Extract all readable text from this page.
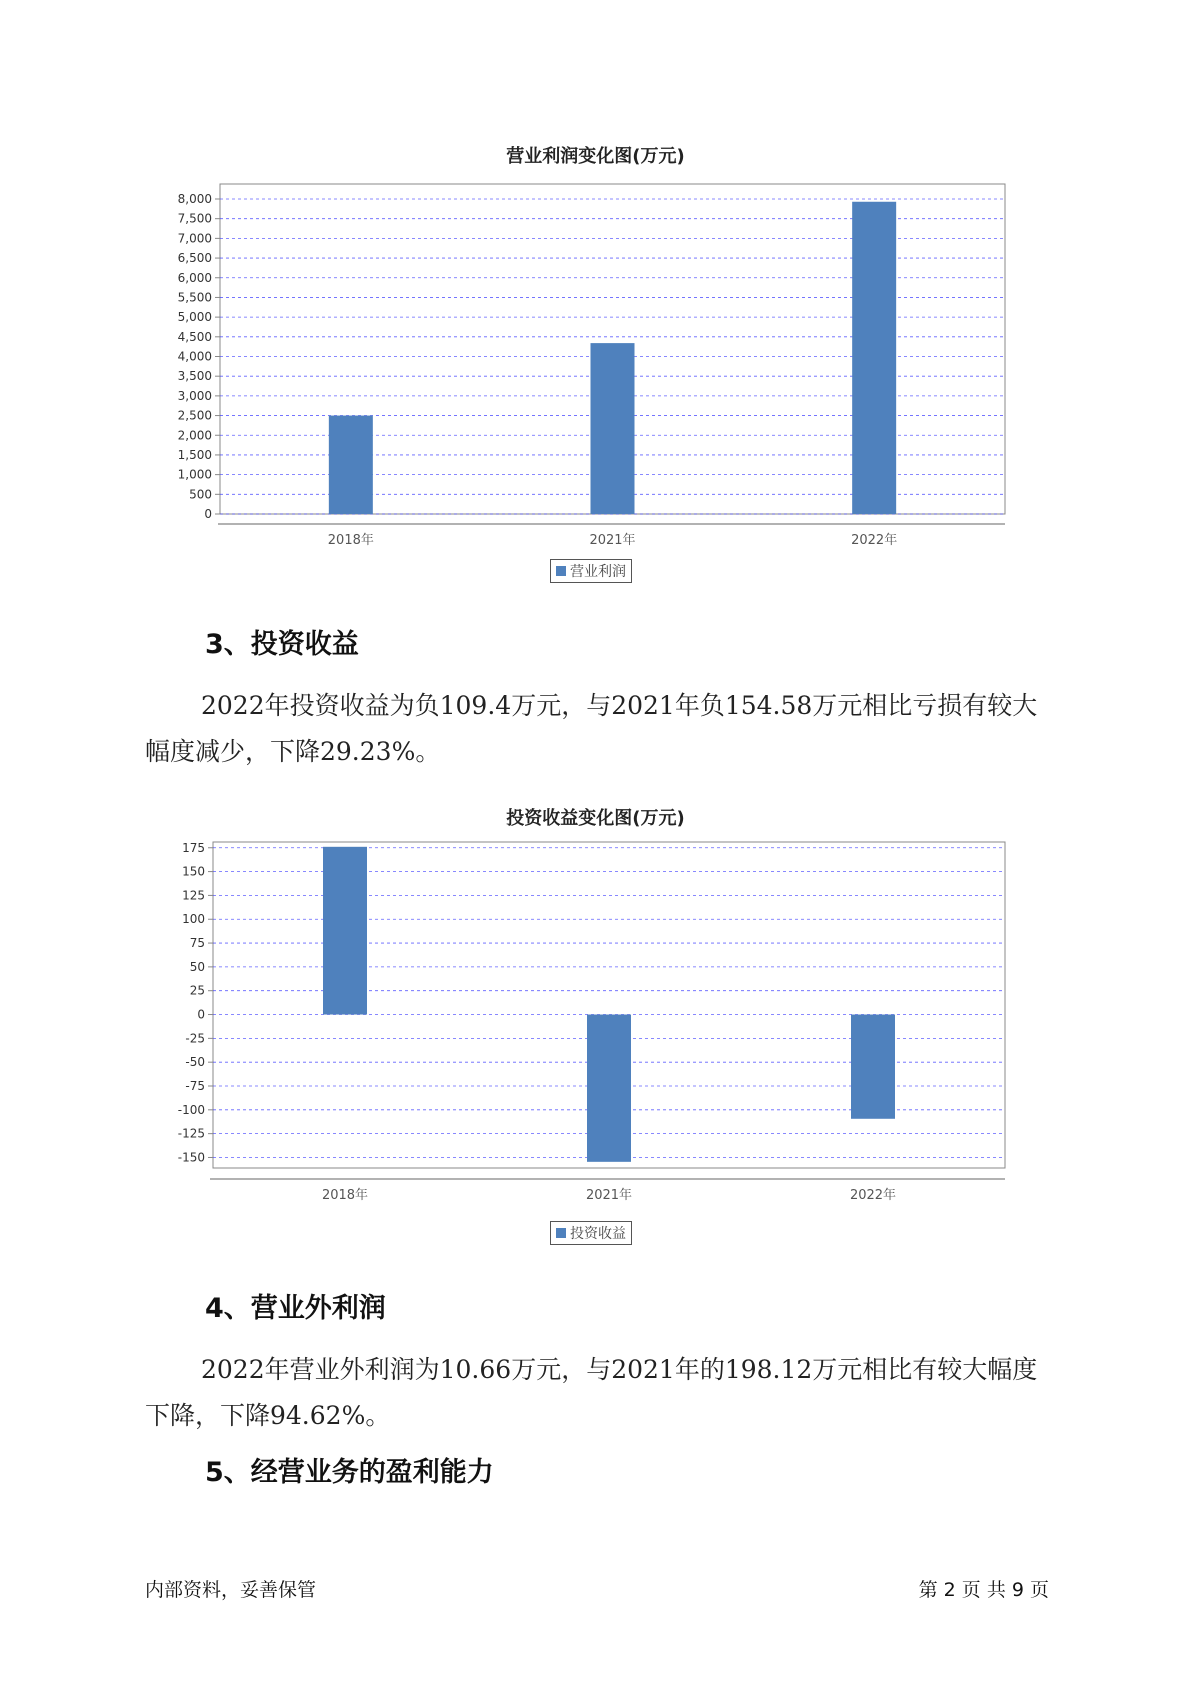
营业利润变化图(万元)
0
500
1,000
1,500
2,000
2,500
3,000
3,500
4,000
4,500
5,000
5,500
6,000
6,500
7,000
7,500
8,000
2018年	2021年	2022年
营业利润
3、投资收益

2022年投资收益为负109.4万元，与2021年负154.58万元相比亏损有较大幅度减少，下降29.23%。

投资收益变化图(万元)
-150
-125
-100
-75
-50
-25
0
25
50
75
100
125
150
175
2018年	2021年	2022年
投资收益
4、营业外利润

2022年营业外利润为10.66万元，与2021年的198.12万元相比有较大幅度下降，下降94.62%。

5、经营业务的盈利能力
内部资料，妥善保管	第 2 页 共 9 页
